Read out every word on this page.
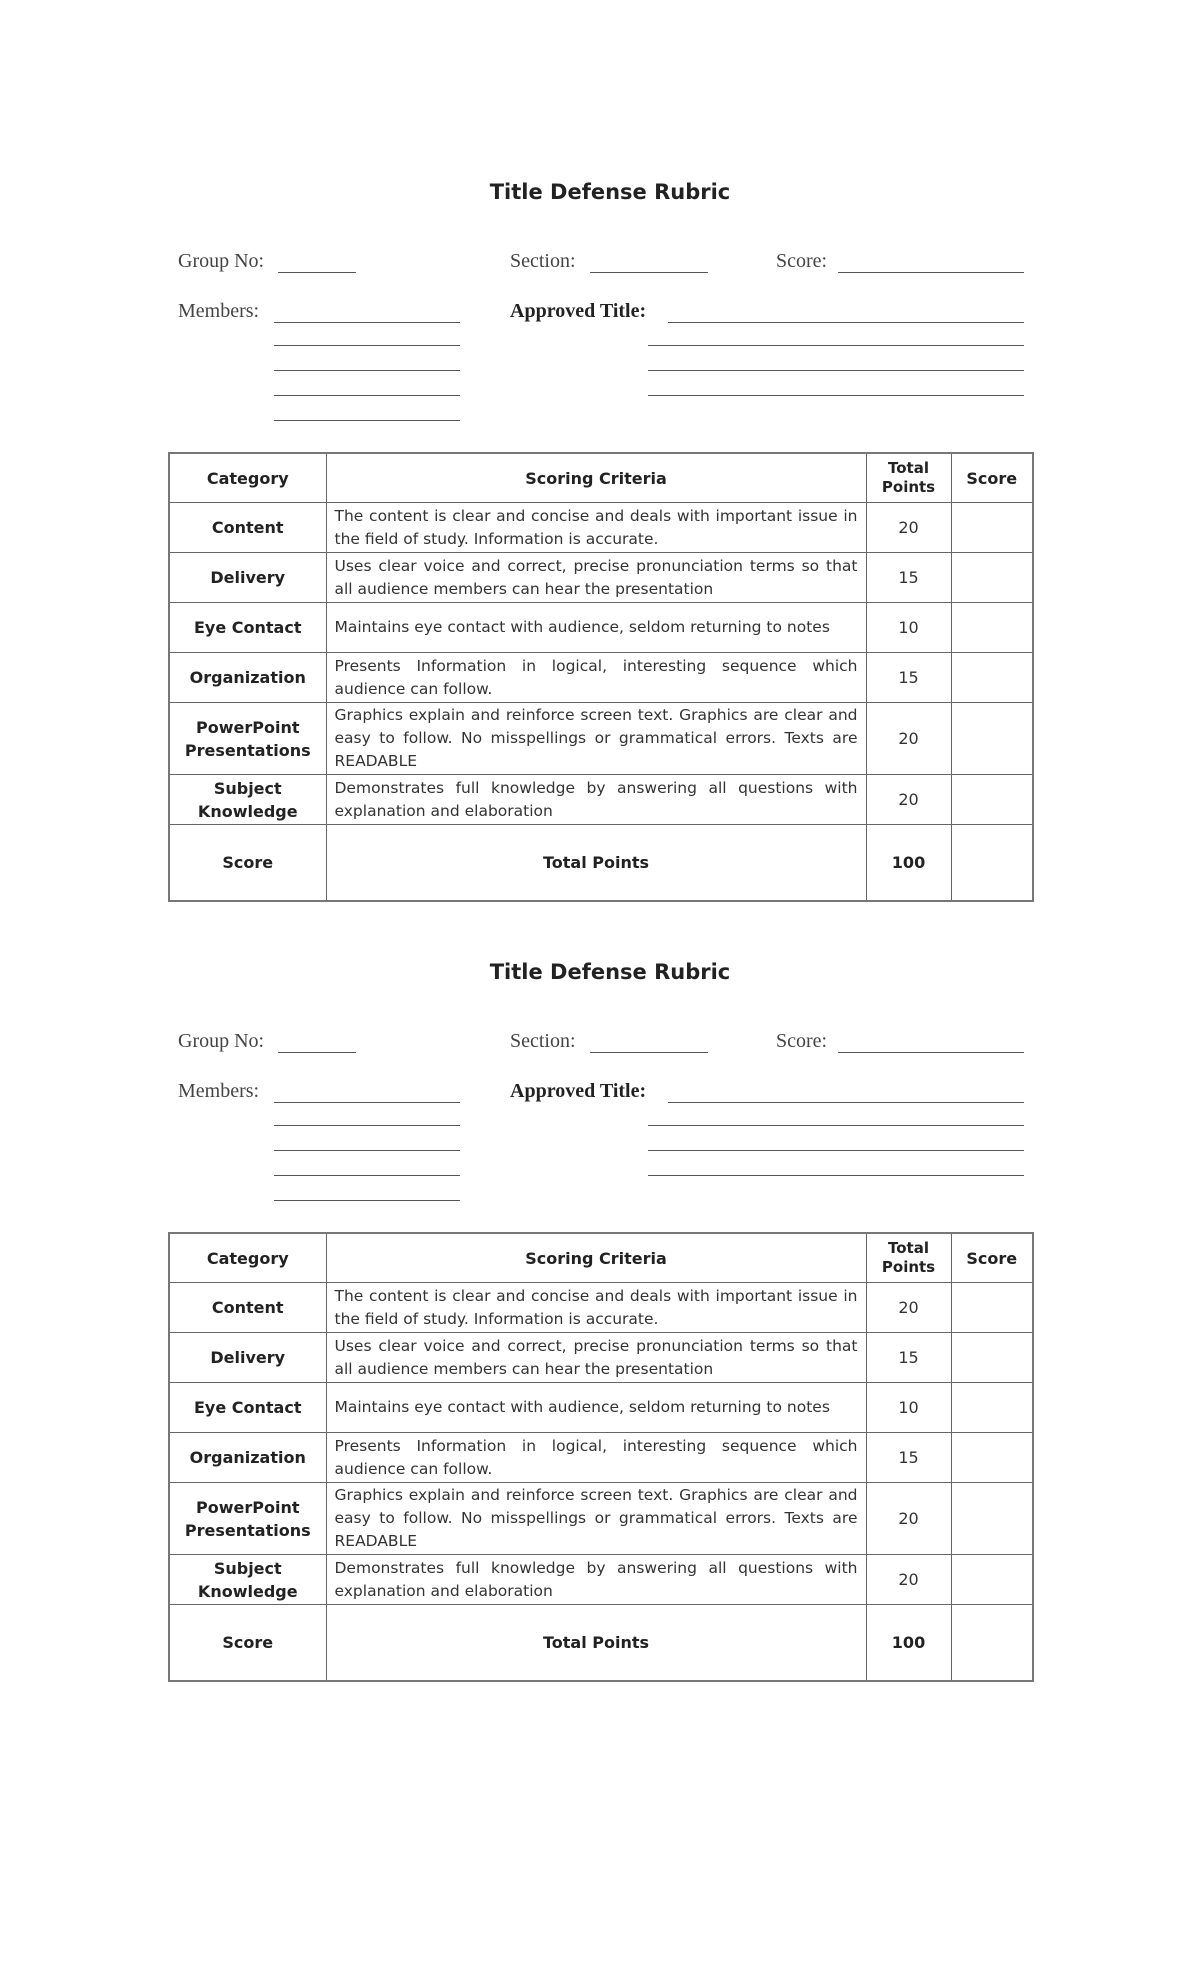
Title Defense Rubric
Group No:	Section:	Score:
Members:	Approved Title:
Category	Scoring Criteria	Total Points	Score
Content	The content is clear and concise and deals with important issue in the field of study. Information is accurate.	20	
Delivery	Uses clear voice and correct, precise pronunciation terms so that all audience members can hear the presentation	15	
Eye Contact	Maintains eye contact with audience, seldom returning to notes	10	
Organization	Presents Information in logical, interesting sequence which audience can follow.	15	
PowerPoint Presentations	Graphics explain and reinforce screen text. Graphics are clear and easy to follow. No misspellings or grammatical errors. Texts are READABLE	20	
Subject Knowledge	Demonstrates full knowledge by answering all questions with explanation and elaboration	20	
Score	Total Points	100	
Title Defense Rubric
Group No:	Section:	Score:
Members:	Approved Title:
Category	Scoring Criteria	Total Points	Score
Content	The content is clear and concise and deals with important issue in the field of study. Information is accurate.	20	
Delivery	Uses clear voice and correct, precise pronunciation terms so that all audience members can hear the presentation	15	
Eye Contact	Maintains eye contact with audience, seldom returning to notes	10	
Organization	Presents Information in logical, interesting sequence which audience can follow.	15	
PowerPoint Presentations	Graphics explain and reinforce screen text. Graphics are clear and easy to follow. No misspellings or grammatical errors. Texts are READABLE	20	
Subject Knowledge	Demonstrates full knowledge by answering all questions with explanation and elaboration	20	
Score	Total Points	100	
